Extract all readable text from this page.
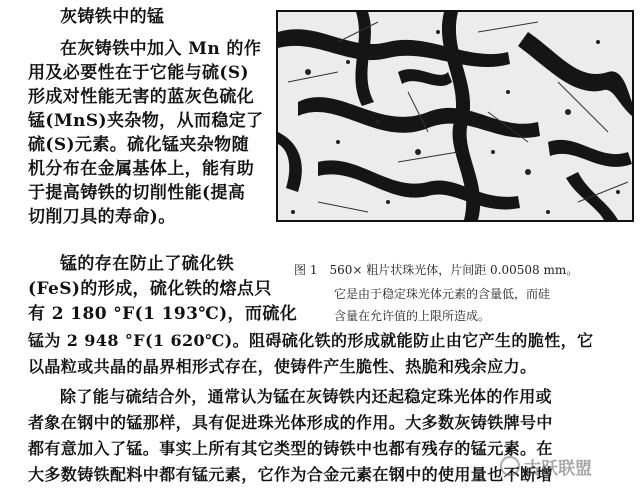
灰铸铁中的锰
在灰铸铁中加入 Mn 的作
用及必要性在于它能与硫(S)
形成对性能无害的蓝灰色硫化
锰(MnS)夹杂物，从而稳定了
硫(S)元素。硫化锰夹杂物随
机分布在金属基体上，能有助
于提高铸铁的切削性能(提高
切削刀具的寿命)。
图 1　560× 粗片状珠光体，片间距 0.00508 mm。
它是由于稳定珠光体元素的含量低，而硅
含量在允许值的上限所造成。
锰的存在防止了硫化铁
(FeS)的形成，硫化铁的熔点只
有 2 180 °F(1 193℃)，而硫化
锰为 2 948 °F(1 620℃)。阻碍硫化铁的形成就能防止由它产生的脆性，它
以晶粒或共晶的晶界相形式存在，使铸件产生脆性、热脆和残余应力。
除了能与硫结合外，通常认为锰在灰铸铁内还起稳定珠光体的作用或
者象在钢中的锰那样，具有促进珠光体形成的作用。大多数灰铸铁牌号中
都有意加入了锰。事实上所有其它类型的铸铁中也都有残存的锰元素。在
大多数铸铁配料中都有锰元素，它作为合金元素在钢中的使用量也不断增
古跃联盟
